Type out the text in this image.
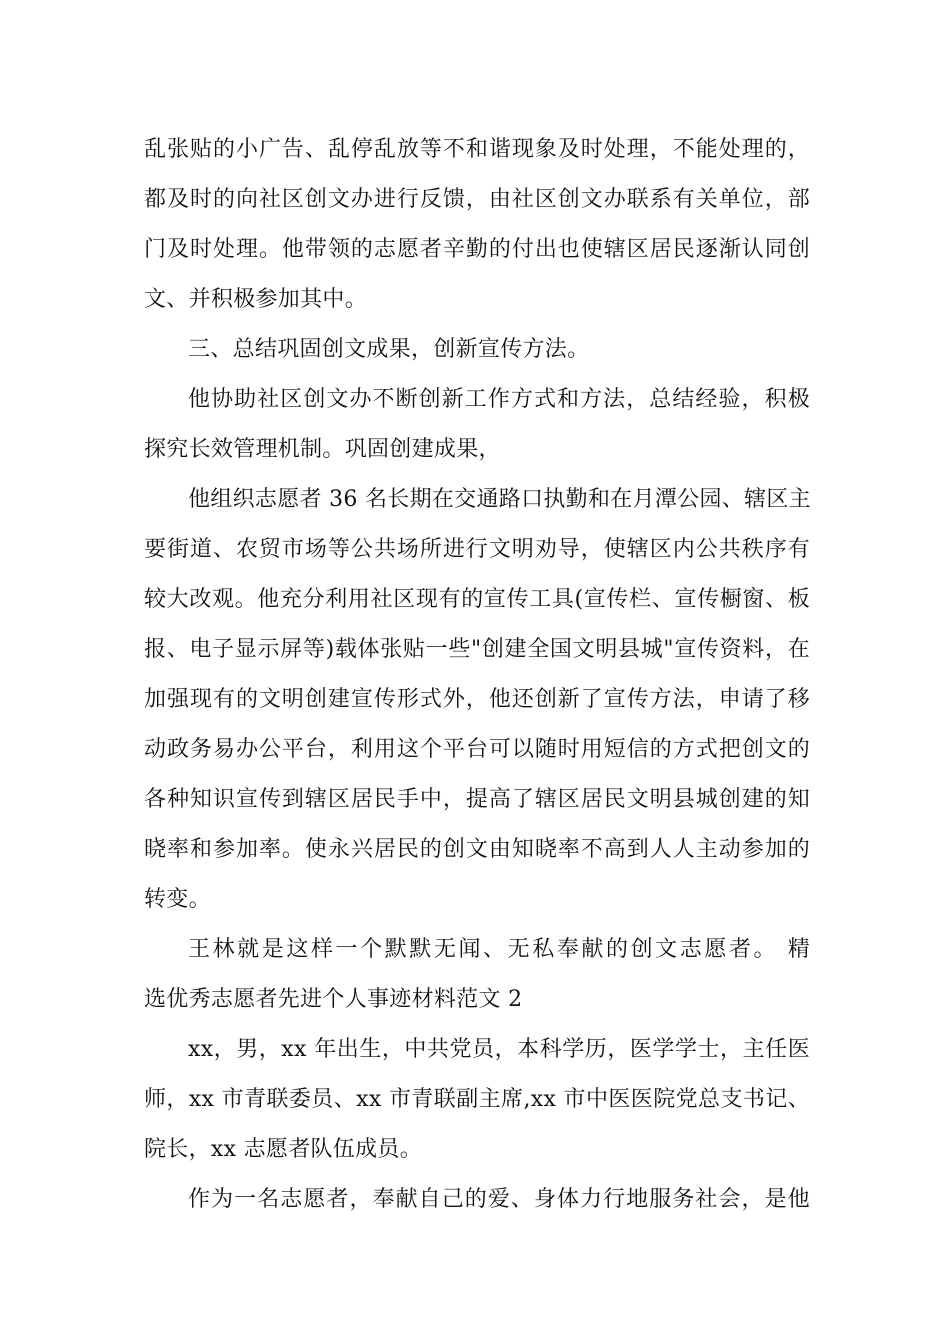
乱张贴的小广告、乱停乱放等不和谐现象及时处理，不能处理的，
都及时的向社区创文办进行反馈，由社区创文办联系有关单位，部
门及时处理。他带领的志愿者辛勤的付出也使辖区居民逐渐认同创
文、并积极参加其中。
三、总结巩固创文成果，创新宣传方法。
他协助社区创文办不断创新工作方式和方法，总结经验，积极
探究长效管理机制。巩固创建成果，
他组织志愿者 36 名长期在交通路口执勤和在月潭公园、辖区主
要街道、农贸市场等公共场所进行文明劝导，使辖区内公共秩序有
较大改观。他充分利用社区现有的宣传工具(宣传栏、宣传橱窗、板
报、电子显示屏等)载体张贴一些"创建全国文明县城"宣传资料，在
加强现有的文明创建宣传形式外，他还创新了宣传方法，申请了移
动政务易办公平台，利用这个平台可以随时用短信的方式把创文的
各种知识宣传到辖区居民手中，提高了辖区居民文明县城创建的知
晓率和参加率。使永兴居民的创文由知晓率不高到人人主动参加的
转变。
王林就是这样一个默默无闻、无私奉献的创文志愿者。 精
选优秀志愿者先进个人事迹材料范文 2
xx，男，xx 年出生，中共党员，本科学历，医学学士，主任医
师，xx 市青联委员、xx 市青联副主席,xx 市中医医院党总支书记、
院长，xx 志愿者队伍成员。
作为一名志愿者，奉献自己的爱、身体力行地服务社会，是他
